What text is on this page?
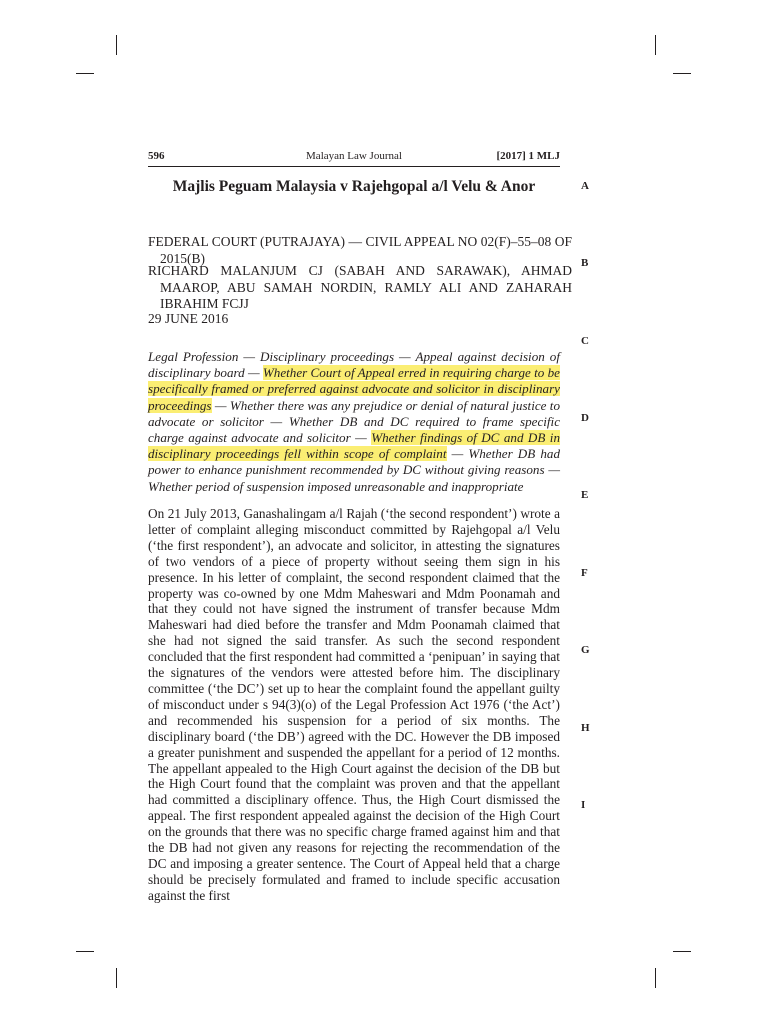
596	Malayan Law Journal	[2017] 1 MLJ
Majlis Peguam Malaysia v Rajehgopal a/l Velu & Anor
FEDERAL COURT (PUTRAJAYA) — CIVIL APPEAL NO 02(F)–55–08 OF 2015(B)
RICHARD MALANJUM CJ (SABAH AND SARAWAK), AHMAD MAAROP, ABU SAMAH NORDIN, RAMLY ALI AND ZAHARAH IBRAHIM FCJJ
29 JUNE 2016
Legal Profession — Disciplinary proceedings — Appeal against decision of disciplinary board — Whether Court of Appeal erred in requiring charge to be specifically framed or preferred against advocate and solicitor in disciplinary proceedings — Whether there was any prejudice or denial of natural justice to advocate or solicitor — Whether DB and DC required to frame specific charge against advocate and solicitor — Whether findings of DC and DB in disciplinary proceedings fell within scope of complaint — Whether DB had power to enhance punishment recommended by DC without giving reasons — Whether period of suspension imposed unreasonable and inappropriate
On 21 July 2013, Ganashalingam a/l Rajah (‘the second respondent’) wrote a letter of complaint alleging misconduct committed by Rajehgopal a/l Velu (‘the first respondent’), an advocate and solicitor, in attesting the signatures of two vendors of a piece of property without seeing them sign in his presence. In his letter of complaint, the second respondent claimed that the property was co-owned by one Mdm Maheswari and Mdm Poonamah and that they could not have signed the instrument of transfer because Mdm Maheswari had died before the transfer and Mdm Poonamah claimed that she had not signed the said transfer. As such the second respondent concluded that the first respondent had committed a ‘penipuan’ in saying that the signatures of the vendors were attested before him. The disciplinary committee (‘the DC’) set up to hear the complaint found the appellant guilty of misconduct under s 94(3)(o) of the Legal Profession Act 1976 (‘the Act’) and recommended his suspension for a period of six months. The disciplinary board (‘the DB’) agreed with the DC. However the DB imposed a greater punishment and suspended the appellant for a period of 12 months. The appellant appealed to the High Court against the decision of the DB but the High Court found that the complaint was proven and that the appellant had committed a disciplinary offence. Thus, the High Court dismissed the appeal. The first respondent appealed against the decision of the High Court on the grounds that there was no specific charge framed against him and that the DB had not given any reasons for rejecting the recommendation of the DC and imposing a greater sentence. The Court of Appeal held that a charge should be precisely formulated and framed to include specific accusation against the first
A
B
C
D
E
F
G
H
I
